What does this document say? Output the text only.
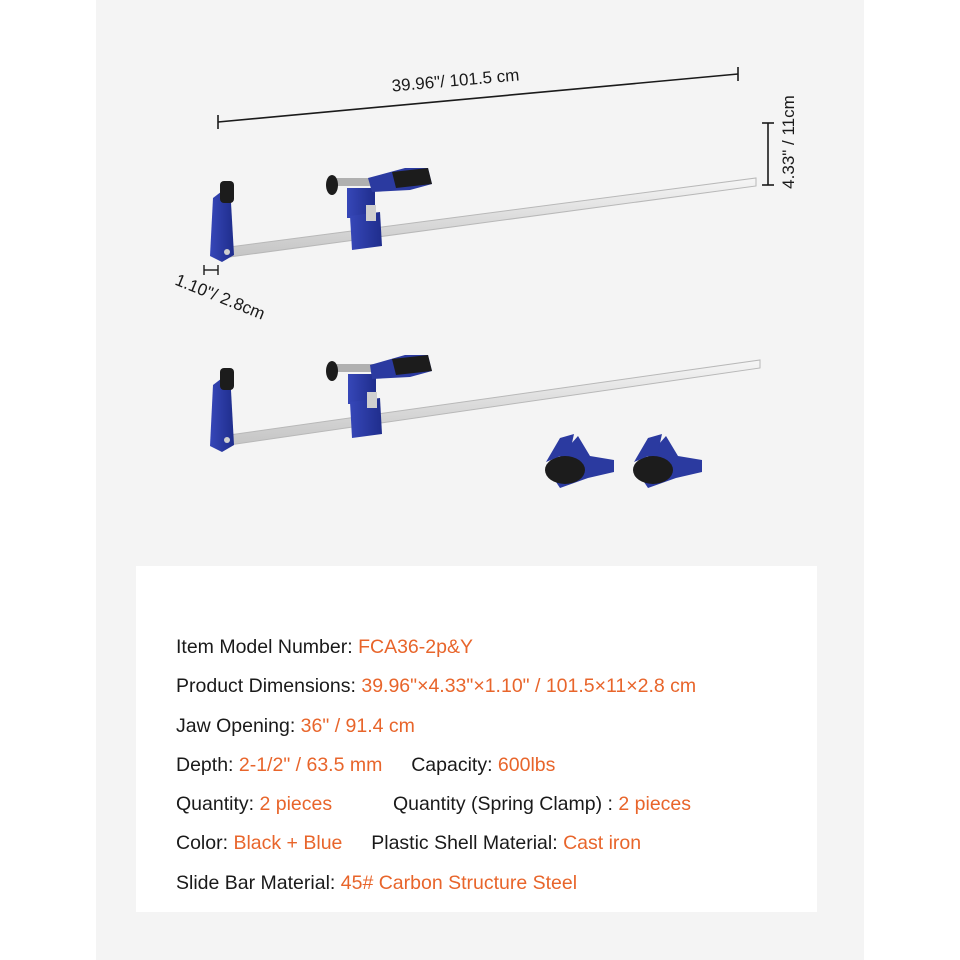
39.96"/ 101.5 cm
4.33" / 11cm
1.10"/ 2.8cm
Item Model Number: FCA36-2p&Y
Product Dimensions: 39.96"×4.33"×1.10" / 101.5×11×2.8 cm
Jaw Opening: 36" / 91.4 cm
Depth: 2-1/2" / 63.5 mm Capacity: 600lbs
Quantity: 2 pieces	Quantity (Spring Clamp) : 2 pieces
Color: Black + Blue Plastic Shell Material: Cast iron
Slide Bar Material: 45# Carbon Structure Steel
